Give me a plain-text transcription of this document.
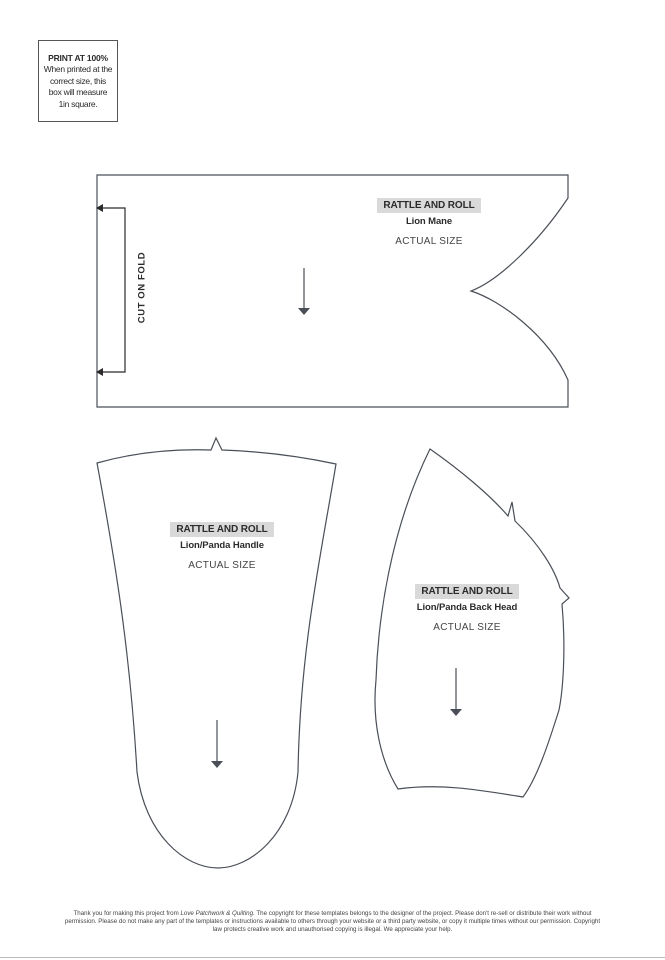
PRINT AT 100%
When printed at the correct size, this box will measure 1in square.
CUT ON FOLD
RATTLE AND ROLL
Lion Mane
ACTUAL SIZE
RATTLE AND ROLL
Lion/Panda Handle
ACTUAL SIZE
RATTLE AND ROLL
Lion/Panda Back Head
ACTUAL SIZE
Thank you for making this project from Love Patchwork & Quilting. The copyright for these templates belongs to the designer of the project. Please don't re-sell or distribute their work without permission. Please do not make any part of the templates or instructions available to others through your website or a third party website, or copy it multiple times without our permission. Copyright law protects creative work and unauthorised copying is illegal. We appreciate your help.
